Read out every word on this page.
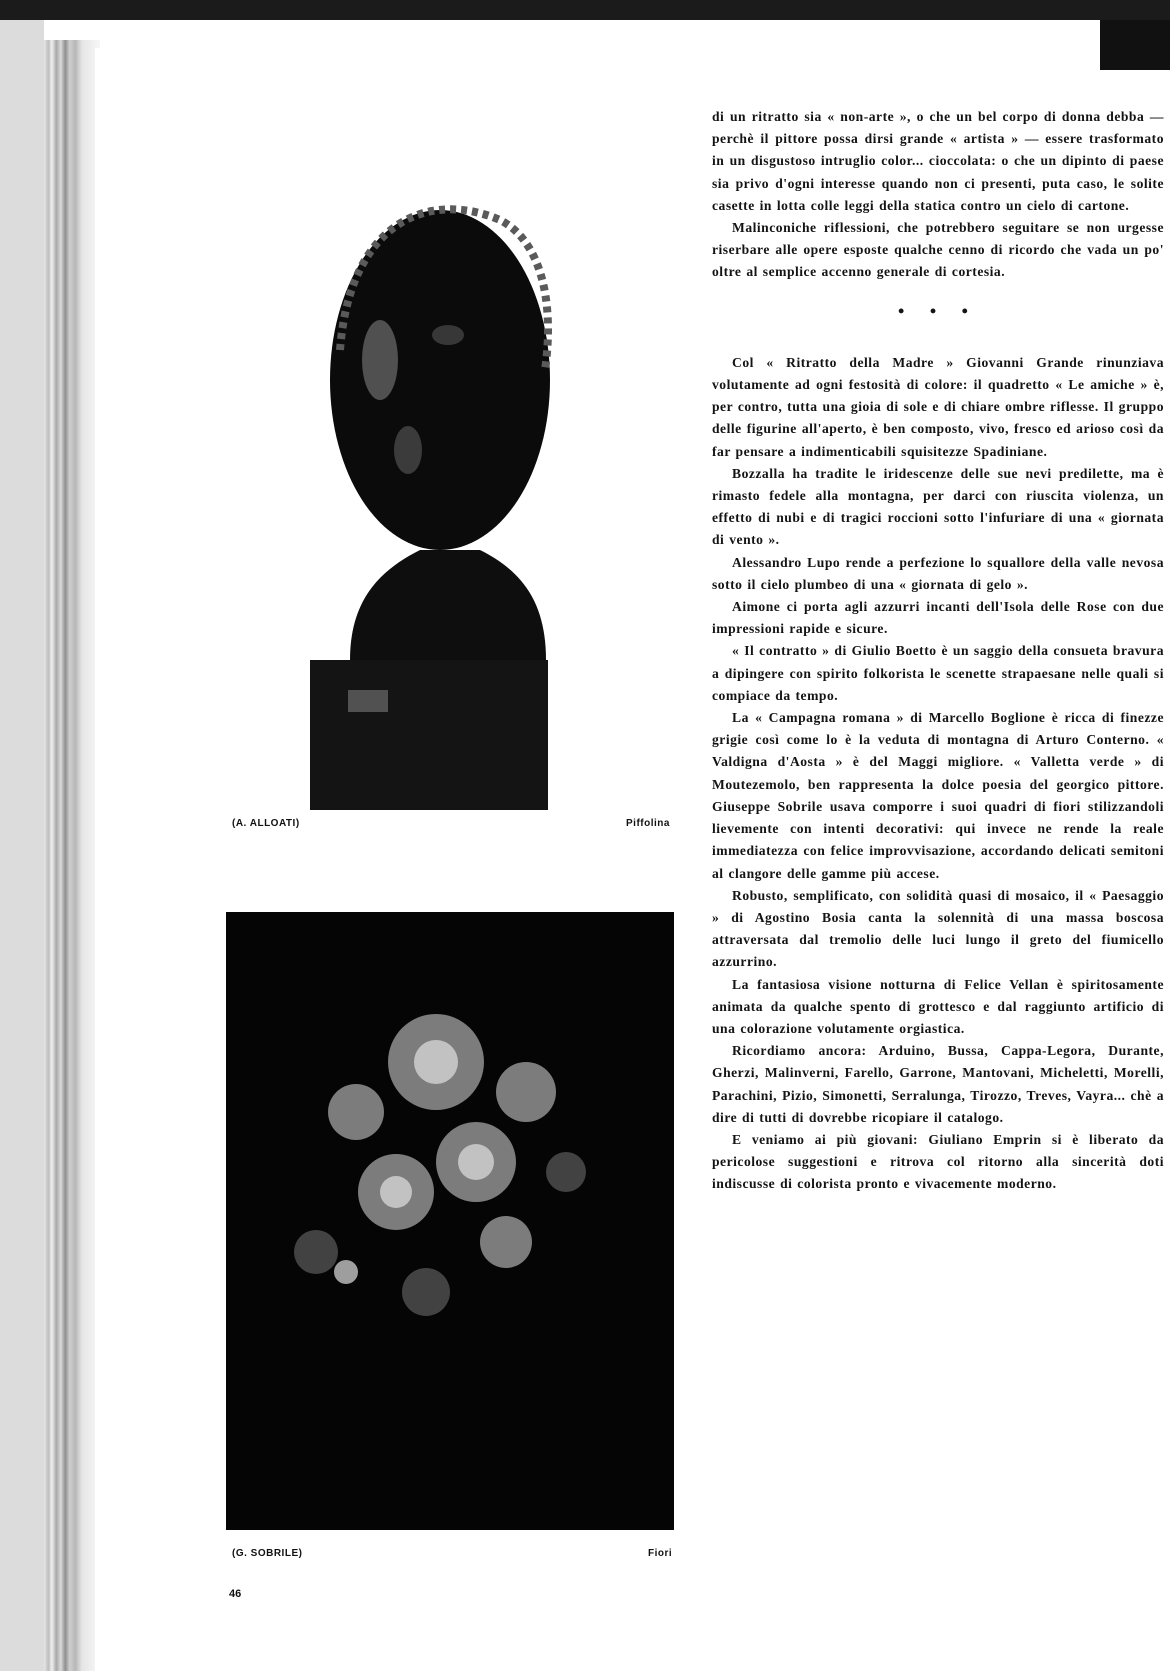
(A. ALLOATI)	Piffolina
(G. SOBRILE)	Fiori
46

di un ritratto sia « non-arte », o che un bel corpo di donna debba — perchè il pittore possa dirsi grande « artista » — essere trasformato in un disgustoso intruglio color... cioccolata: o che un dipinto di paese sia privo d'ogni interesse quando non ci presenti, puta caso, le solite casette in lotta colle leggi della statica contro un cielo di cartone.

Malinconiche riflessioni, che potrebbero seguitare se non urgesse riserbare alle opere esposte qualche cenno di ricordo che vada un po' oltre al semplice accenno generale di cortesia.

• • •

Col « Ritratto della Madre » Giovanni Grande rinunziava volutamente ad ogni festosità di colore: il quadretto « Le amiche » è, per contro, tutta una gioia di sole e di chiare ombre riflesse. Il gruppo delle figurine all'aperto, è ben composto, vivo, fresco ed arioso così da far pensare a indimenticabili squisitezze Spadiniane.

Bozzalla ha tradite le iridescenze delle sue nevi predilette, ma è rimasto fedele alla montagna, per darci con riuscita violenza, un effetto di nubi e di tragici roccioni sotto l'infuriare di una « giornata di vento ».

Alessandro Lupo rende a perfezione lo squallore della valle nevosa sotto il cielo plumbeo di una « giornata di gelo ».

Aimone ci porta agli azzurri incanti dell'Isola delle Rose con due impressioni rapide e sicure.

« Il contratto » di Giulio Boetto è un saggio della consueta bravura a dipingere con spirito folkorista le scenette strapaesane nelle quali si compiace da tempo.

La « Campagna romana » di Marcello Boglione è ricca di finezze grigie così come lo è la veduta di montagna di Arturo Conterno. « Valdigna d'Aosta » è del Maggi migliore. « Valletta verde » di Moutezemolo, ben rappresenta la dolce poesia del georgico pittore. Giuseppe Sobrile usava comporre i suoi quadri di fiori stilizzandoli lievemente con intenti decorativi: qui invece ne rende la reale immediatezza con felice improvvisazione, accordando delicati semitoni al clangore delle gamme più accese.

Robusto, semplificato, con solidità quasi di mosaico, il « Paesaggio » di Agostino Bosia canta la solennità di una massa boscosa attraversata dal tremolio delle luci lungo il greto del fiumicello azzurrino.

La fantasiosa visione notturna di Felice Vellan è spiritosamente animata da qualche spento di grottesco e dal raggiunto artificio di una colorazione volutamente orgiastica.

Ricordiamo ancora: Arduino, Bussa, Cappa-Legora, Durante, Gherzi, Malinverni, Farello, Garrone, Mantovani, Micheletti, Morelli, Parachini, Pizio, Simonetti, Serralunga, Tirozzo, Treves, Vayra... chè a dire di tutti di dovrebbe ricopiare il catalogo.

E veniamo ai più giovani: Giuliano Emprin si è liberato da pericolose suggestioni e ritrova col ritorno alla sincerità doti indiscusse di colorista pronto e vivacemente moderno.
